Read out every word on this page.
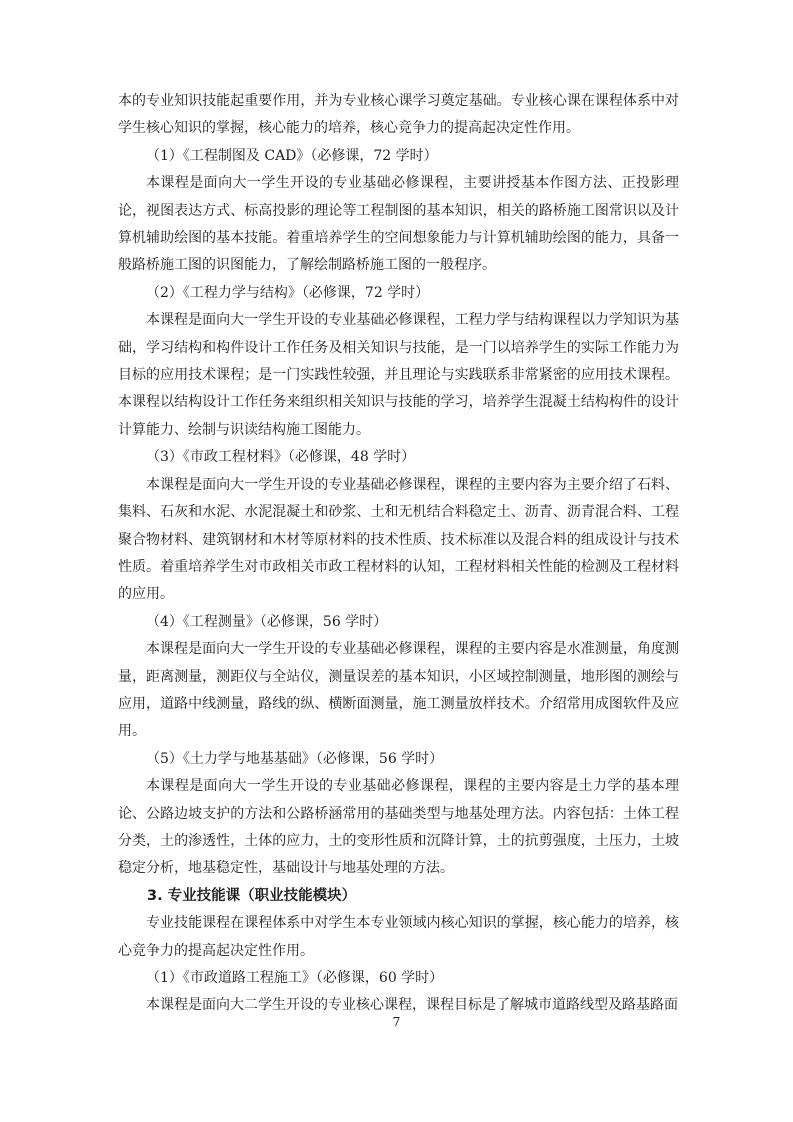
本的专业知识技能起重要作用，并为专业核心课学习奠定基础。专业核心课在课程体系中对学生核心知识的掌握，核心能力的培养，核心竞争力的提高起决定性作用。

（1）《工程制图及 CAD》（必修课，72 学时）

本课程是面向大一学生开设的专业基础必修课程，主要讲授基本作图方法、正投影理论，视图表达方式、标高投影的理论等工程制图的基本知识，相关的路桥施工图常识以及计算机辅助绘图的基本技能。着重培养学生的空间想象能力与计算机辅助绘图的能力，具备一般路桥施工图的识图能力，了解绘制路桥施工图的一般程序。

（2）《工程力学与结构》（必修课，72 学时）

本课程是面向大一学生开设的专业基础必修课程，工程力学与结构课程以力学知识为基础，学习结构和构件设计工作任务及相关知识与技能，是一门以培养学生的实际工作能力为目标的应用技术课程；是一门实践性较强，并且理论与实践联系非常紧密的应用技术课程。本课程以结构设计工作任务来组织相关知识与技能的学习，培养学生混凝土结构构件的设计计算能力、绘制与识读结构施工图能力。

（3）《市政工程材料》（必修课，48 学时）

本课程是面向大一学生开设的专业基础必修课程，课程的主要内容为主要介绍了石料、集料、石灰和水泥、水泥混凝土和砂浆、土和无机结合料稳定土、沥青、沥青混合料、工程聚合物材料、建筑钢材和木材等原材料的技术性质、技术标准以及混合料的组成设计与技术性质。着重培养学生对市政相关市政工程材料的认知，工程材料相关性能的检测及工程材料的应用。

（4）《工程测量》（必修课，56 学时）

本课程是面向大一学生开设的专业基础必修课程，课程的主要内容是水准测量，角度测量，距离测量，测距仪与全站仪，测量误差的基本知识，小区域控制测量，地形图的测绘与应用，道路中线测量，路线的纵、横断面测量，施工测量放样技术。介绍常用成图软件及应用。

（5）《土力学与地基基础》（必修课，56 学时）

本课程是面向大一学生开设的专业基础必修课程，课程的主要内容是土力学的基本理论、公路边坡支护的方法和公路桥涵常用的基础类型与地基处理方法。内容包括：土体工程分类，土的渗透性，土体的应力，土的变形性质和沉降计算，土的抗剪强度，土压力，土坡稳定分析，地基稳定性，基础设计与地基处理的方法。

3. 专业技能课（职业技能模块）

专业技能课程在课程体系中对学生本专业领域内核心知识的掌握，核心能力的培养，核心竞争力的提高起决定性作用。

（1）《市政道路工程施工》（必修课，60 学时）

本课程是面向大二学生开设的专业核心课程，课程目标是了解城市道路线型及路基路面

7
